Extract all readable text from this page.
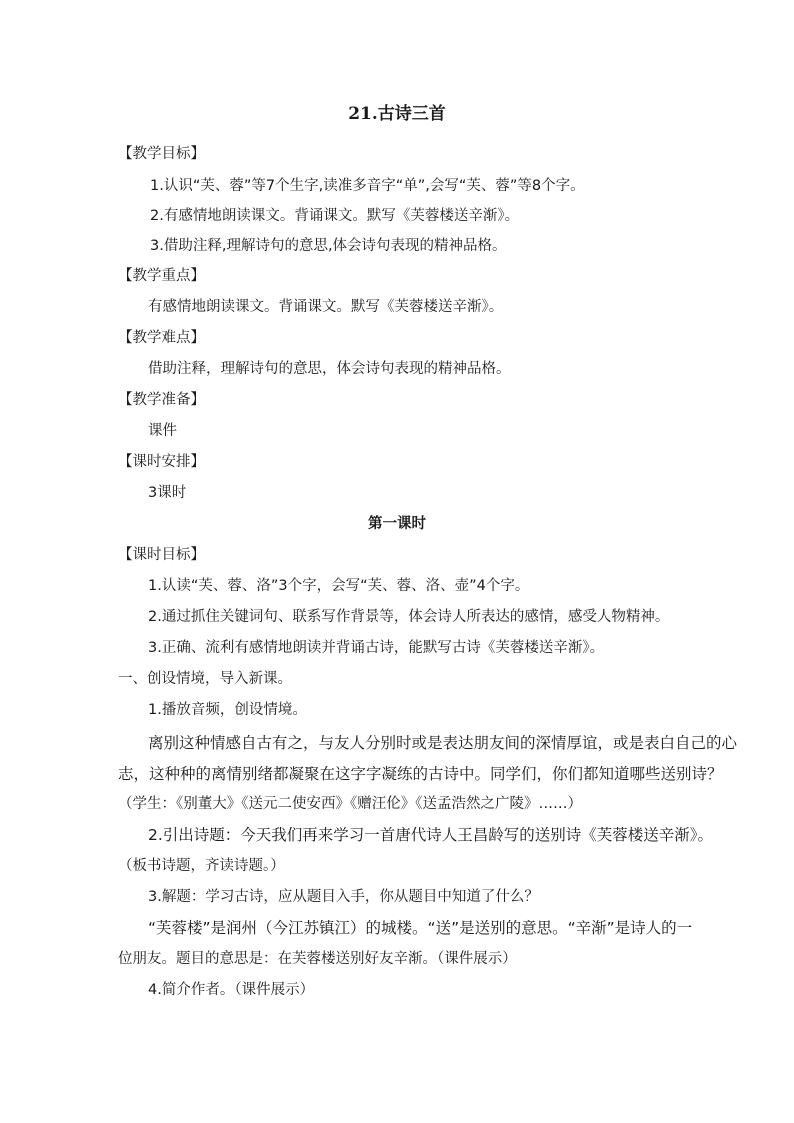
21.古诗三首
【教学目标】
1.认识“芙、蓉”等7个生字,读准多音字“单”,会写“芙、蓉”等8个字。
2.有感情地朗读课文。背诵课文。默写《芙蓉楼送辛渐》。
3.借助注释,理解诗句的意思,体会诗句表现的精神品格。
【教学重点】
有感情地朗读课文。背诵课文。默写《芙蓉楼送辛渐》。
【教学难点】
借助注释，理解诗句的意思，体会诗句表现的精神品格。
【教学准备】
课件
【课时安排】
3课时
第一课时
【课时目标】
1.认读“芙、蓉、洛”3个字，会写“芙、蓉、洛、壶”4个字。
2.通过抓住关键词句、联系写作背景等，体会诗人所表达的感情，感受人物精神。
3.正确、流利有感情地朗读并背诵古诗，能默写古诗《芙蓉楼送辛渐》。
一、创设情境，导入新课。
1.播放音频，创设情境。
离别这种情感自古有之，与友人分别时或是表达朋友间的深情厚谊，或是表白自己的心
志，这种种的离情别绪都凝聚在这字字凝练的古诗中。同学们，你们都知道哪些送别诗？
（学生：《别董大》《送元二使安西》《赠汪伦》《送孟浩然之广陵》……）
2.引出诗题：今天我们再来学习一首唐代诗人王昌龄写的送别诗《芙蓉楼送辛渐》。
（板书诗题，齐读诗题。）
3.解题：学习古诗，应从题目入手，你从题目中知道了什么？
“芙蓉楼”是润州（今江苏镇江）的城楼。“送”是送别的意思。“辛渐”是诗人的一
位朋友。题目的意思是：在芙蓉楼送别好友辛渐。（课件展示）
4.简介作者。（课件展示）
